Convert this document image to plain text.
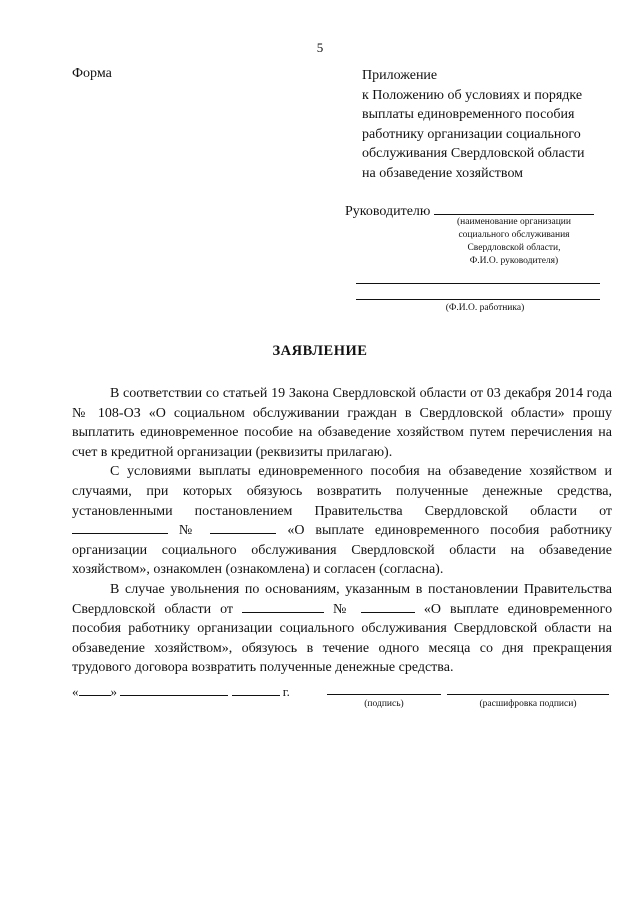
5
Форма	Приложение
к Положению об условиях и порядке
выплаты единовременного пособия
работнику организации социального
обслуживания Свердловской области
на обзаведение хозяйством
Руководителю
(наименование организации
социального обслуживания
Свердловской области,
Ф.И.О. руководителя)
(Ф.И.О. работника)
ЗАЯВЛЕНИЕ

В соответствии со статьей 19 Закона Свердловской области от 03 декабря 2014 года № 108-ОЗ «О социальном обслуживании граждан в Свердловской области» прошу выплатить единовременное пособие на обзаведение хозяйством путем перечисления на счет в кредитной организации (реквизиты прилагаю).

С условиями выплаты единовременного пособия на обзаведение хозяйством и случаями, при которых обязуюсь возвратить полученные денежные средства, установленными постановлением Правительства Свердловской области от  №	«О выплате единовременного пособия работнику организации социального обслуживания Свердловской области на обзаведение хозяйством», ознакомлен (ознакомлена) и согласен (согласна).

В случае увольнения по основаниям, указанным в постановлении Правительства Свердловской области от	№	«О выплате единовременного пособия работнику организации социального обслуживания Свердловской области на обзаведение хозяйством», обязуюсь в течение одного месяца со дня прекращения трудового договора возвратить полученные денежные средства.

« »	г.
(подпись)	(расшифровка подписи)
